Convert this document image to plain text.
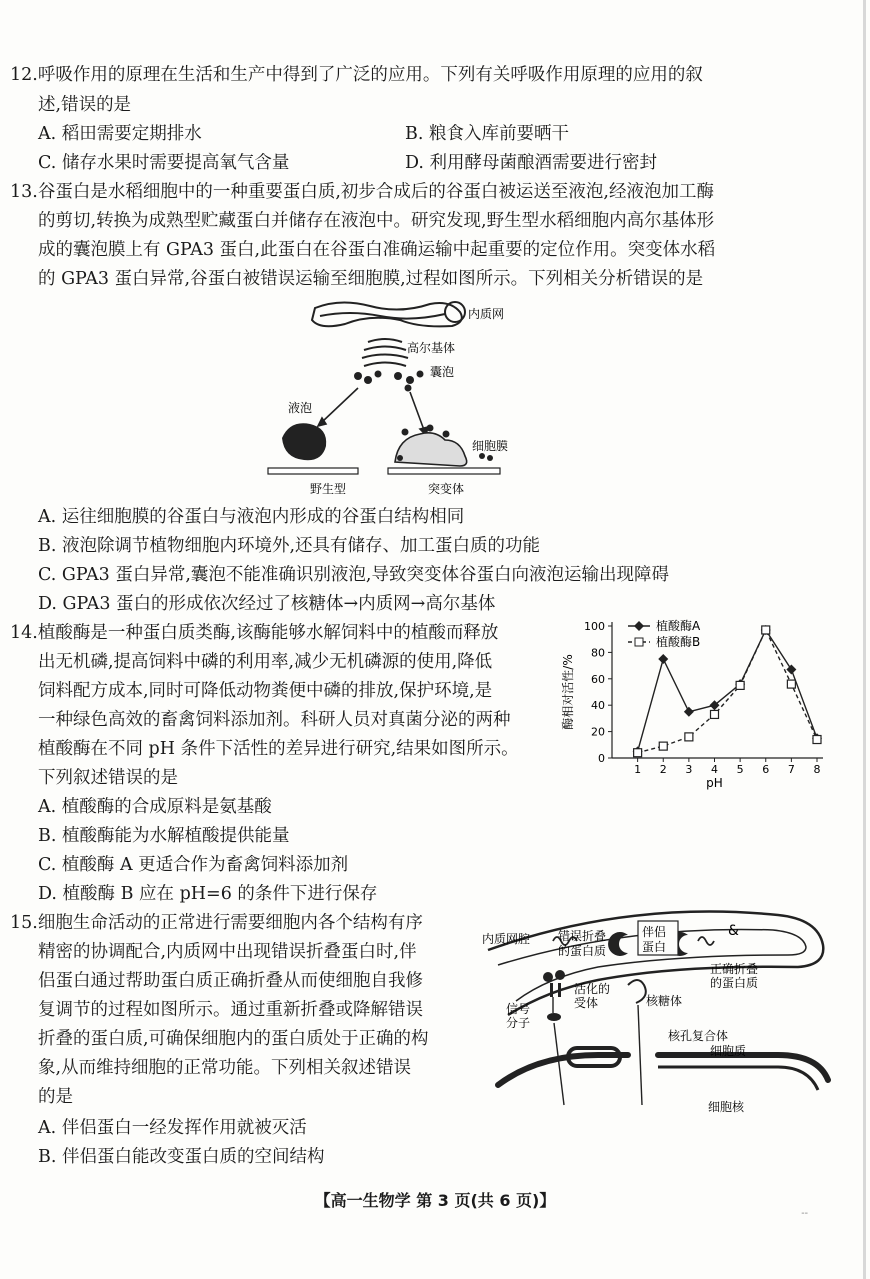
12.呼吸作用的原理在生活和生产中得到了广泛的应用。下列有关呼吸作用原理的应用的叙
述,错误的是
A. 稻田需要定期排水	B. 粮食入库前要晒干
C. 储存水果时需要提高氧气含量	D. 利用酵母菌酿酒需要进行密封
13.谷蛋白是水稻细胞中的一种重要蛋白质,初步合成后的谷蛋白被运送至液泡,经液泡加工酶
的剪切,转换为成熟型贮藏蛋白并储存在液泡中。研究发现,野生型水稻细胞内高尔基体形
成的囊泡膜上有 GPA3 蛋白,此蛋白在谷蛋白准确运输中起重要的定位作用。突变体水稻
的 GPA3 蛋白异常,谷蛋白被错误运输至细胞膜,过程如图所示。下列相关分析错误的是
内质网
高尔基体
囊泡
液泡
细胞膜
野生型	突变体
A. 运往细胞膜的谷蛋白与液泡内形成的谷蛋白结构相同
B. 液泡除调节植物细胞内环境外,还具有储存、加工蛋白质的功能
C. GPA3 蛋白异常,囊泡不能准确识别液泡,导致突变体谷蛋白向液泡运输出现障碍
D. GPA3 蛋白的形成依次经过了核糖体→内质网→高尔基体
14.植酸酶是一种蛋白质类酶,该酶能够水解饲料中的植酸而释放
出无机磷,提高饲料中磷的利用率,减少无机磷源的使用,降低
饲料配方成本,同时可降低动物粪便中磷的排放,保护环境,是
一种绿色高效的畜禽饲料添加剂。科研人员对真菌分泌的两种
植酸酶在不同 pH 条件下活性的差异进行研究,结果如图所示。
下列叙述错误的是
0
20
40
60
80
100
1 2 3 4 5 6 7 8
pH
酶相对活性/%
植酸酶A
植酸酶B
A. 植酸酶的合成原料是氨基酸
B. 植酸酶能为水解植酸提供能量
C. 植酸酶 A 更适合作为畜禽饲料添加剂
D. 植酸酶 B 应在 pH=6 的条件下进行保存
15.细胞生命活动的正常进行需要细胞内各个结构有序
精密的协调配合,内质网中出现错误折叠蛋白时,伴
侣蛋白通过帮助蛋白质正确折叠从而使细胞自我修
复调节的过程如图所示。通过重新折叠或降解错误
折叠的蛋白质,可确保细胞内的蛋白质处于正确的构
象,从而维持细胞的正常功能。下列相关叙述错误
的是
内质网腔 错误折叠
的蛋白质
伴侣
蛋白
&
正确折叠
的蛋白质
活化的
受体	核糖体
信号
分子
核孔复合体
细胞质
细胞核
A. 伴侣蛋白一经发挥作用就被灭活
B. 伴侣蛋白能改变蛋白质的空间结构
【高一生物学 第 3 页(共 6 页)】
--
